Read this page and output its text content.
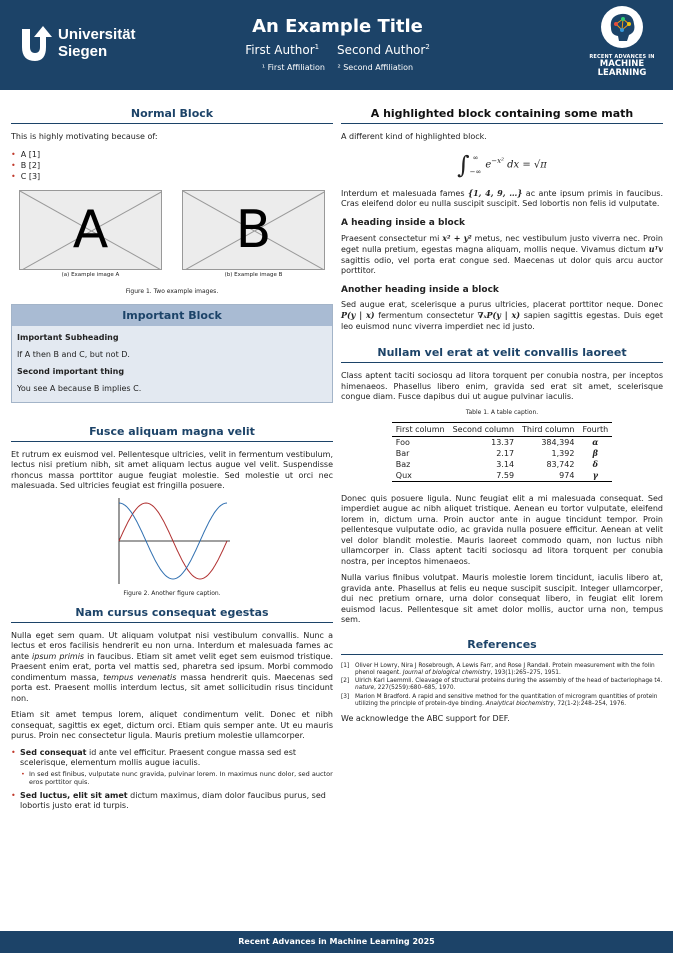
Universität
Siegen
An Example Title
First Author$^1$ Second Author$^2$
¹ First Affiliation ² Second Affiliation
RECENT ADVANCES IN
MACHINE
LEARNING
Normal Block

This is highly motivating because of:

• A [1]
• B [2]
• C [3]
A
(a) Example image A
B
(b) Example image B
Figure 1. Two example images.
Important Block
Important Subheading
If A then B and C, but not D.
Second important thing
You see A because B implies C.
Fusce aliquam magna velit

Et rutrum ex euismod vel. Pellentesque ultricies, velit in fermentum vestibulum, lectus nisi pretium nibh, sit amet aliquam lectus augue vel velit. Suspendisse rhoncus massa porttitor augue feugiat molestie. Sed molestie ut orci nec malesuada. Sed ultricies feugiat est fringilla posuere.

Figure 2. Another figure caption.
Nam cursus consequat egestas

Nulla eget sem quam. Ut aliquam volutpat nisi vestibulum convallis. Nunc a lectus et eros facilisis hendrerit eu non urna. Interdum et malesuada fames ac ante ipsum primis in faucibus. Etiam sit amet velit eget sem euismod tristique. Praesent enim erat, porta vel mattis sed, pharetra sed ipsum. Morbi commodo condimentum massa, tempus venenatis massa hendrerit quis. Maecenas sed porta est. Praesent mollis interdum lectus, sit amet sollicitudin risus tincidunt non.

Etiam sit amet tempus lorem, aliquet condimentum velit. Donec et nibh consequat, sagittis ex eget, dictum orci. Etiam quis semper ante. Ut eu mauris purus. Proin nec consectetur ligula. Mauris pretium molestie ullamcorper.

• Sed consequat id ante vel efficitur. Praesent congue massa sed est scelerisque, elementum mollis augue iaculis.
• In sed est finibus, vulputate nunc gravida, pulvinar lorem. In maximus nunc dolor, sed auctor eros porttitor quis.
• Sed luctus, elit sit amet dictum maximus, diam dolor faucibus purus, sed lobortis justo erat id turpis.
A highlighted block containing some math

A different kind of highlighted block.

∫ ∞
−∞
$e^{-x^2}$ dx = √π

Interdum et malesuada fames {1, 4, 9, …} ac ante ipsum primis in faucibus. Cras eleifend dolor eu nulla suscipit suscipit. Sed lobortis non felis id vulputate.

A heading inside a block

Praesent consectetur mi x² + y² metus, nec vestibulum justo viverra nec. Proin eget nulla pretium, egestas magna aliquam, mollis neque. Vivamus dictum uᵀv sagittis odio, vel porta erat congue sed. Maecenas ut dolor quis arcu auctor porttitor.

Another heading inside a block

Sed augue erat, scelerisque a purus ultricies, placerat porttitor neque. Donec P(y | x) fermentum consectetur ∇ₓP(y | x) sapien sagittis egestas. Duis eget leo euismod nunc viverra imperdiet nec id justo.

Nullam vel erat at velit convallis laoreet

Class aptent taciti sociosqu ad litora torquent per conubia nostra, per inceptos himenaeos. Phasellus libero enim, gravida sed erat sit amet, scelerisque congue diam. Fusce dapibus dui ut augue pulvinar iaculis.

Table 1. A table caption.
First column	Second column	Third column	Fourth
Foo	13.37	384,394	α
Bar	2.17	1,392	β
Baz	3.14	83,742	δ
Qux	7.59	974	γ

Donec quis posuere ligula. Nunc feugiat elit a mi malesuada consequat. Sed imperdiet augue ac nibh aliquet tristique. Aenean eu tortor vulputate, eleifend lorem in, dictum urna. Proin auctor ante in augue tincidunt tempor. Proin pellentesque vulputate odio, ac gravida nulla posuere efficitur. Aenean at velit vel dolor blandit molestie. Mauris laoreet commodo quam, non luctus nibh ullamcorper in. Class aptent taciti sociosqu ad litora torquent per conubia nostra, per inceptos himenaeos.

Nulla varius finibus volutpat. Mauris molestie lorem tincidunt, iaculis libero at, gravida ante. Phasellus at felis eu neque suscipit suscipit. Integer ullamcorper, dui nec pretium ornare, urna dolor consequat libero, in feugiat elit lorem euismod lacus. Pellentesque sit amet dolor mollis, auctor urna non, tempus sem.

References
[1] Oliver H Lowry, Nira J Rosebrough, A Lewis Farr, and Rose J Randall. Protein measurement with the folin phenol reagent. Journal of biological chemistry, 193(1):265–275, 1951.
[2] Ulrich Karl Laemmli. Cleavage of structural proteins during the assembly of the head of bacteriophage t4. nature, 227(5259):680–685, 1970.
[3] Marion M Bradford. A rapid and sensitive method for the quantitation of microgram quantities of protein utilizing the principle of protein-dye binding. Analytical biochemistry, 72(1-2):248–254, 1976.

We acknowledge the ABC support for DEF.

Recent Advances in Machine Learning 2025
